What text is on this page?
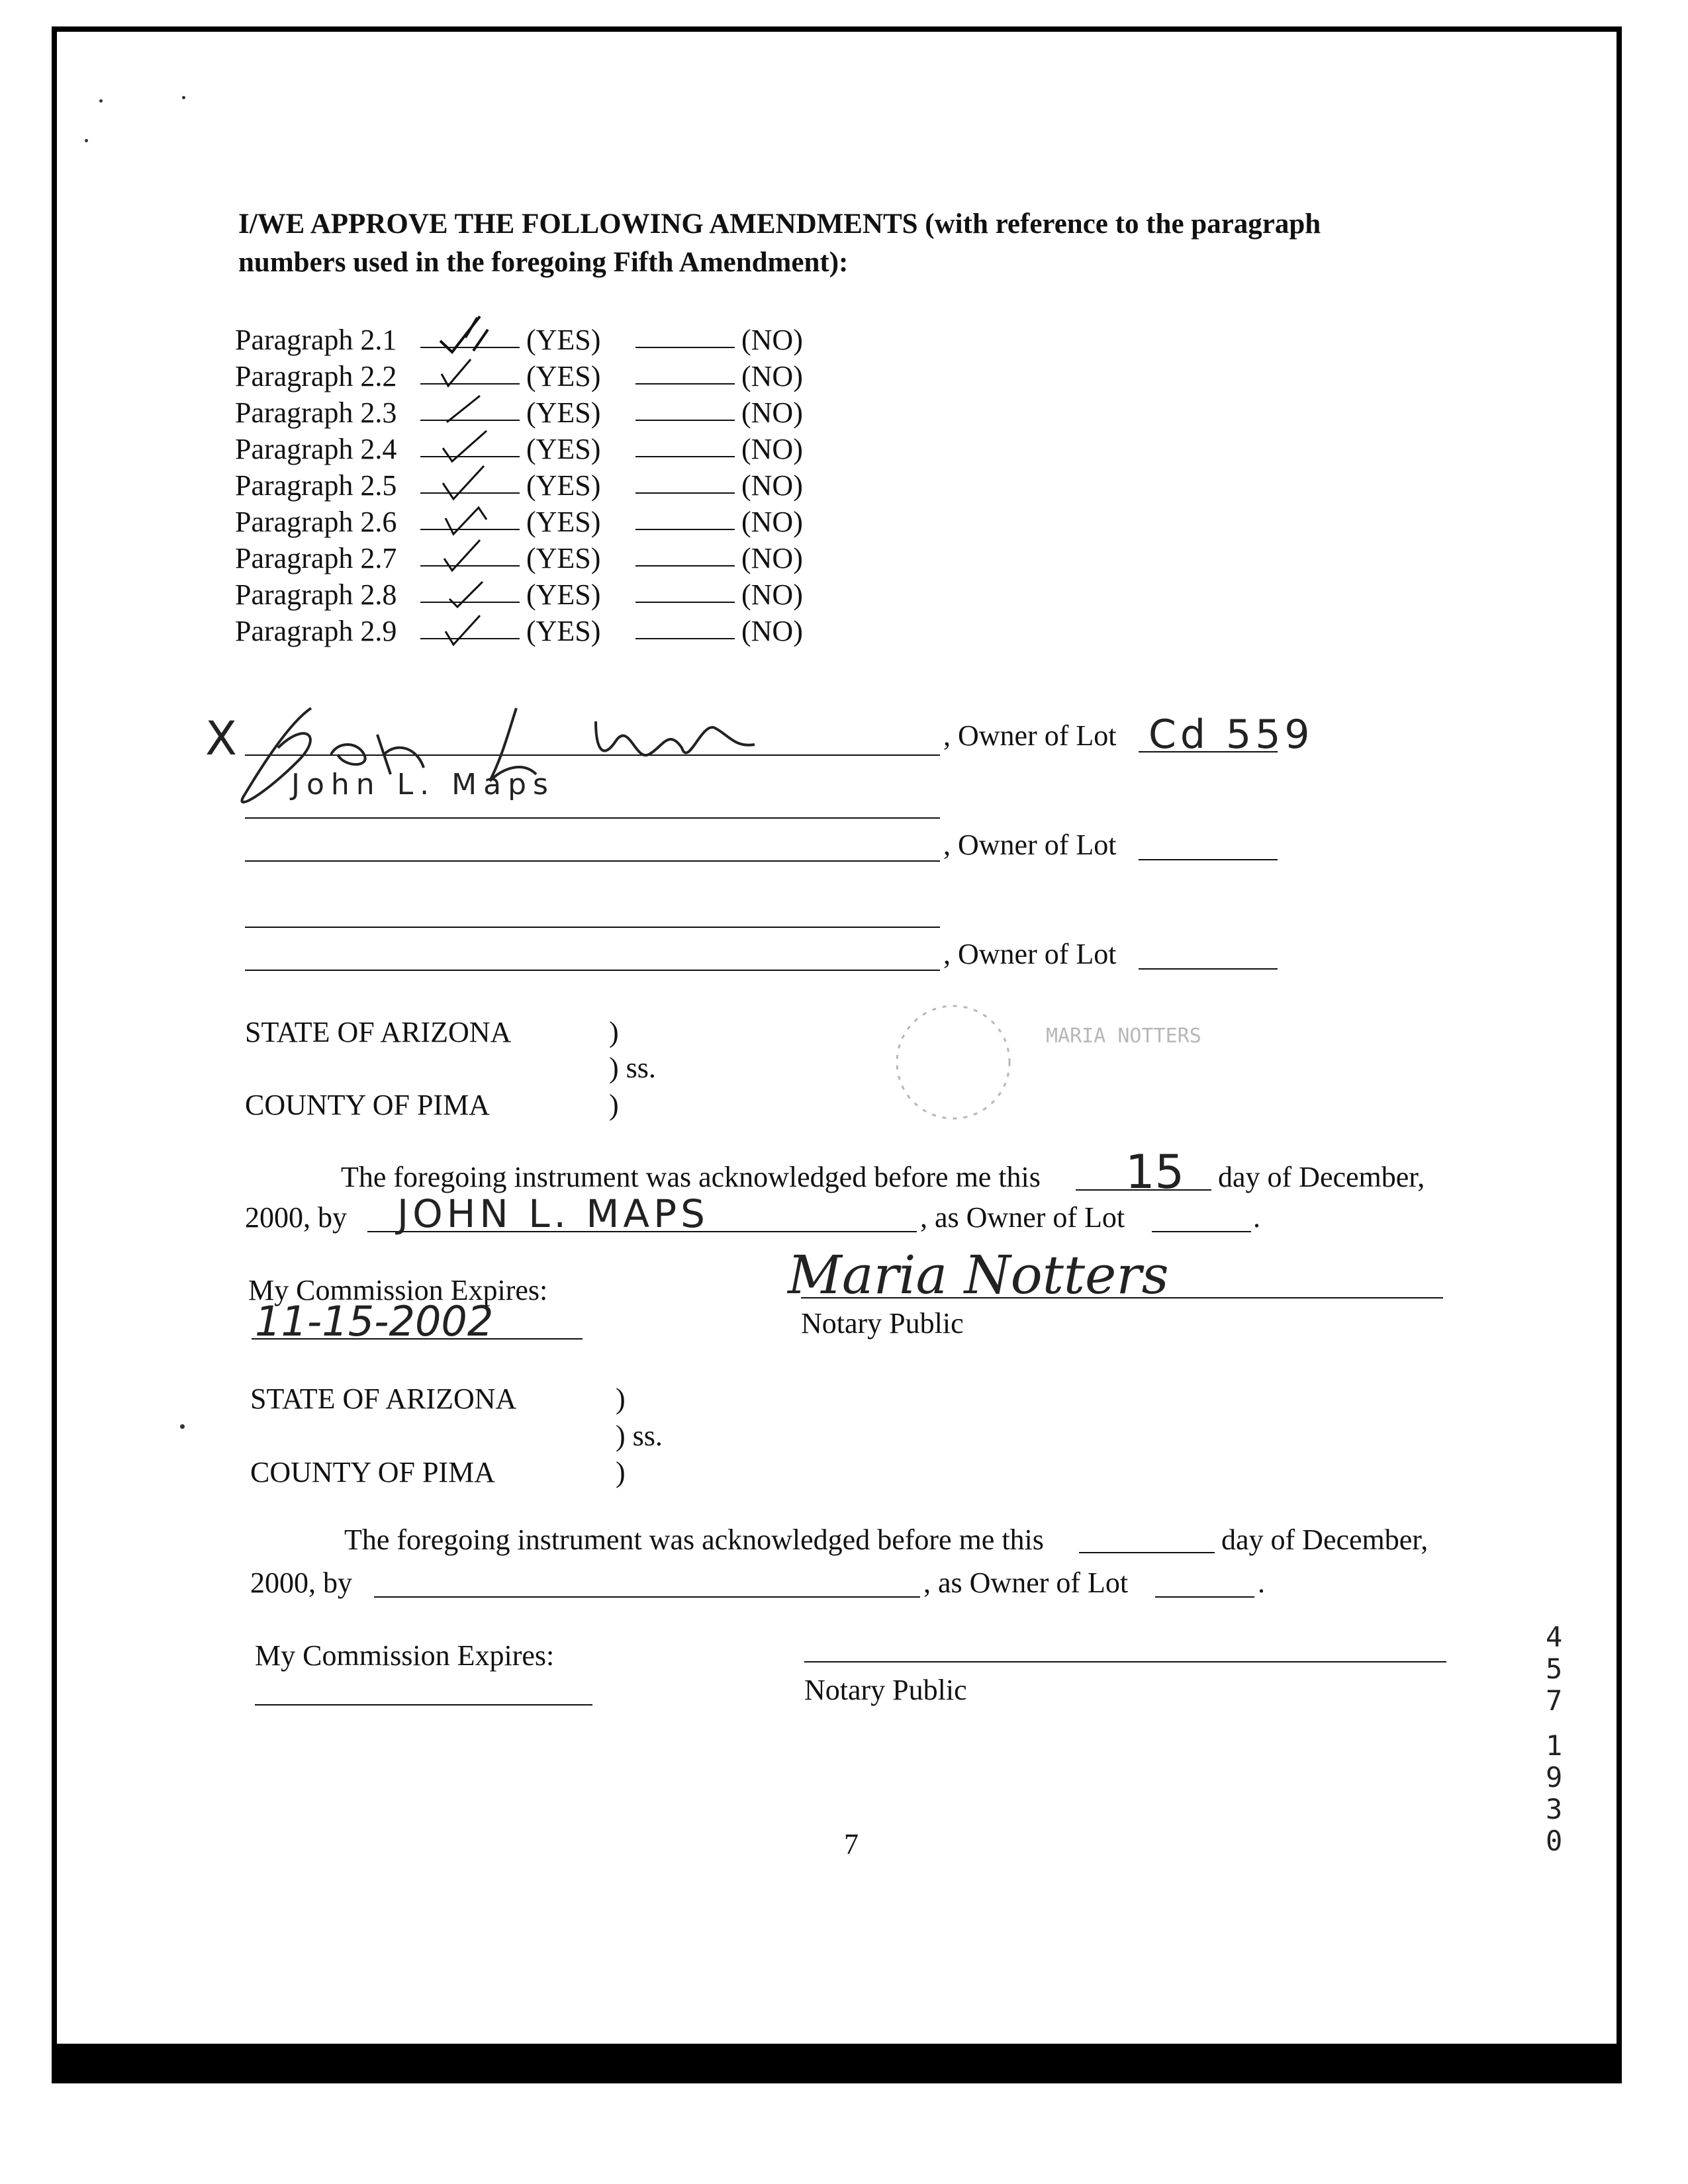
I/WE APPROVE THE FOLLOWING AMENDMENTS (with reference to the paragraph
numbers used in the foregoing Fifth Amendment):
Paragraph 2.1	(YES)	(NO)
Paragraph 2.2	(YES)	(NO)
Paragraph 2.3	(YES)	(NO)
Paragraph 2.4	(YES)	(NO)
Paragraph 2.5	(YES)	(NO)
Paragraph 2.6	(YES)	(NO)
Paragraph 2.7	(YES)	(NO)
Paragraph 2.8	(YES)	(NO)
Paragraph 2.9	(YES)	(NO)
X
John L. Maps
, Owner of Lot Cd 559
, Owner of Lot
, Owner of Lot
STATE OF ARIZONA	)
) ss.
COUNTY OF PIMA	)
MARIA NOTTERS
The foregoing instrument was acknowledged before me this 15 day of December,
2000, by JOHN L. MAPS	, as Owner of Lot	.
My Commission Expires:
11-15-2002
Maria Notters
Notary Public
STATE OF ARIZONA	)
) ss.
COUNTY OF PIMA	)
The foregoing instrument was acknowledged before me this	day of December,
2000, by	, as Owner of Lot	.
My Commission Expires:
Notary Public
7
4
5
7
1
9
3
0
